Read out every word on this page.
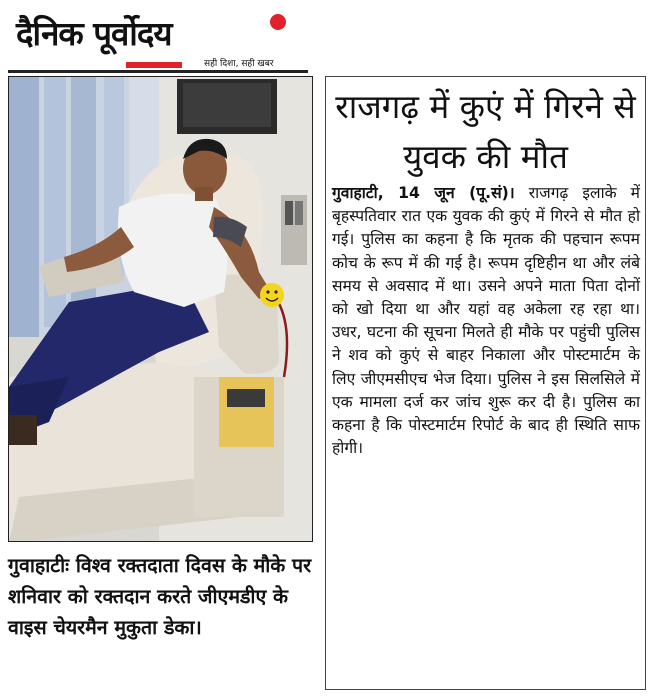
दैनिक पूर्वोदय
सही दिशा, सही खबर
गुवाहाटीः विश्व रक्तदाता दिवस के मौके पर शनिवार को रक्तदान करते जीएमडीए के वाइस चेयरमैन मुकुता डेका।
राजगढ़ में कुएं में गिरने से युवक की मौत
गुवाहाटी, 14 जून (पू.सं)। राजगढ़ इलाके में बृहस्पतिवार रात एक युवक की कुएं में गिरने से मौत हो गई। पुलिस का कहना है कि मृतक की पहचान रूपम कोच के रूप में की गई है। रूपम दृष्टिहीन था और लंबे समय से अवसाद में था। उसने अपने माता पिता दोनों को खो दिया था और यहां वह अकेला रह रहा था। उधर, घटना की सूचना मिलते ही मौके पर पहुंची पुलिस ने शव को कुएं से बाहर निकाला और पोस्टमार्टम के लिए जीएमसीएच भेज दिया। पुलिस ने इस सिलसिले में एक मामला दर्ज कर जांच शुरू कर दी है। पुलिस का कहना है कि पोस्टमार्टम रिपोर्ट के बाद ही स्थिति साफ होगी।
